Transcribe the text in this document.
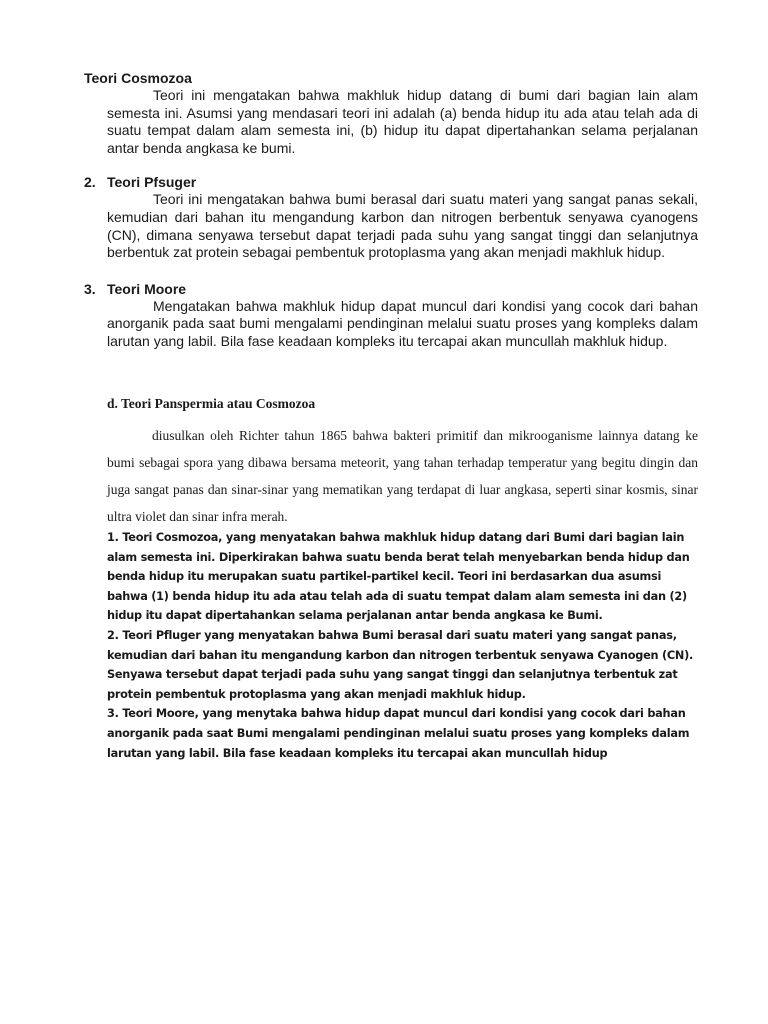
Teori Cosmozoa

Teori ini mengatakan bahwa makhluk hidup datang di bumi dari bagian lain alam semesta ini. Asumsi yang mendasari teori ini adalah (a) benda hidup itu ada atau telah ada di suatu tempat dalam alam semesta ini, (b) hidup itu dapat dipertahankan selama perjalanan antar benda angkasa ke bumi.

2. Teori Pfsuger

Teori ini mengatakan bahwa bumi berasal dari suatu materi yang sangat panas sekali, kemudian dari bahan itu mengandung karbon dan nitrogen berbentuk senyawa cyanogens (CN), dimana senyawa tersebut dapat terjadi pada suhu yang sangat tinggi dan selanjutnya berbentuk zat protein sebagai pembentuk protoplasma yang akan menjadi makhluk hidup.

3. Teori Moore

Mengatakan bahwa makhluk hidup dapat muncul dari kondisi yang cocok dari bahan anorganik pada saat bumi mengalami pendinginan melalui suatu proses yang kompleks dalam larutan yang labil. Bila fase keadaan kompleks itu tercapai akan muncullah makhluk hidup.

d. Teori Panspermia atau Cosmozoa

diusulkan oleh Richter tahun 1865 bahwa bakteri primitif dan mikrooganisme lainnya datang ke bumi sebagai spora yang dibawa bersama meteorit, yang tahan terhadap temperatur yang begitu dingin dan juga sangat panas dan sinar-sinar yang mematikan yang terdapat di luar angkasa, seperti sinar kosmis, sinar ultra violet dan sinar infra merah.

1. Teori Cosmozoa, yang menyatakan bahwa makhluk hidup datang dari Bumi dari bagian lain alam semesta ini. Diperkirakan bahwa suatu benda berat telah menyebarkan benda hidup dan benda hidup itu merupakan suatu partikel-partikel kecil. Teori ini berdasarkan dua asumsi bahwa (1) benda hidup itu ada atau telah ada di suatu tempat dalam alam semesta ini dan (2) hidup itu dapat dipertahankan selama perjalanan antar benda angkasa ke Bumi.

2. Teori Pfluger yang menyatakan bahwa Bumi berasal dari suatu materi yang sangat panas, kemudian dari bahan itu mengandung karbon dan nitrogen terbentuk senyawa Cyanogen (CN). Senyawa tersebut dapat terjadi pada suhu yang sangat tinggi dan selanjutnya terbentuk zat protein pembentuk protoplasma yang akan menjadi makhluk hidup.

3. Teori Moore, yang menytaka bahwa hidup dapat muncul dari kondisi yang cocok dari bahan anorganik pada saat Bumi mengalami pendinginan melalui suatu proses yang kompleks dalam larutan yang labil. Bila fase keadaan kompleks itu tercapai akan muncullah hidup
